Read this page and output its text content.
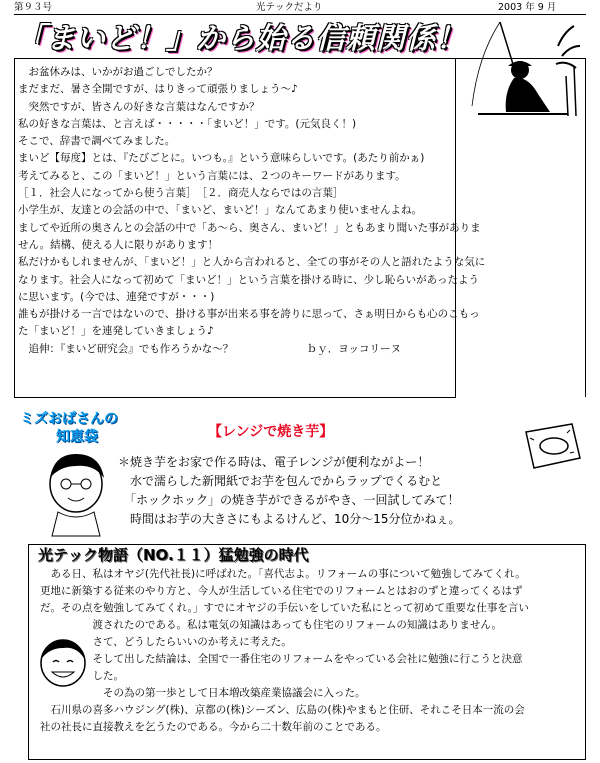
第９３号	光テックだより	2003 年 9 月
「まいど！」から始る信頼関係！
　お盆休みは、いかがお過ごしでしたか？
まだまだ、暑さ全開ですが、はりきって頑張りましょう〜♪
　突然ですが、皆さんの好きな言葉はなんですか？
私の好きな言葉は、と言えば・・・・・「まいど！」です。(元気良く！)
そこで、辞書で調べてみました。
まいど【毎度】とは、『たびごとに。いつも。』という意味らしいです。(あたり前かぁ)
考えてみると、この「まいど！」という言葉には、２つのキーワードがあります。
［１．社会人になってから使う言葉］　［２．商売人ならではの言葉］
小学生が、友達との会話の中で、「まいど、まいど！」なんてあまり使いませんよね。
ましてや近所の奥さんとの会話の中で「あ〜ら、奥さん、まいど！」ともあまり聞いた事がありま
せん。結構、使える人に限りがあります！
私だけかもしれませんが、「まいど！」と人から言われると、全ての事がその人と語れたような気に
なります。社会人になって初めて「まいど！」という言葉を掛ける時に、少し恥らいがあったよう
に思います。(今では、連発ですが・・・)
誰もが掛ける一言ではないので、掛ける事が出来る事を誇りに思って、さぁ明日からも心のこもっ
た「まいど！」を連発していきましょう♪
　追伸：『まいど研究会』でも作ろうかな〜？　　　　　　　ｂｙ．ヨッコリーヌ
ミズおばさんの
知恵袋	【レンジで焼き芋】
＊焼き芋をお家で作る時は、電子レンジが便利ながよー！
　水で濡らした新聞紙でお芋を包んでからラップでくるむと
　「ホックホック」の焼き芋ができるがやき、一回試してみて！
　時間はお芋の大きさにもよるけんど、10分〜15分位かねぇ。
光テック物語（NO.１１）猛勉強の時代
　ある日、私はオヤジ(先代社長)に呼ばれた。「喜代志よ。リフォームの事について勉強してみてくれ。
更地に新築する従来のやり方と、今人が生活している住宅でのリフォームとはおのずと違ってくるはず
だ。その点を勉強してみてくれ。」すでにオヤジの手伝いをしていた私にとって初めて重要な仕事を言い
　　　　　渡されたのである。私は電気の知識はあっても住宅のリフォームの知識はありません。
　　　　　さて、どうしたらいいのか考えに考えた。
　　　　　そして出した結論は、全国で一番住宅のリフォームをやっている会社に勉強に行こうと決意
　　　　　した。
　　　　　　その為の第一歩として日本増改築産業協議会に入った。
　石川県の喜多ハウジング(株)、京都の(株)シーズン、広島の(株)やまもと住研、それこそ日本一流の会
社の社長に直接教えを乞うたのである。今から二十数年前のことである。
